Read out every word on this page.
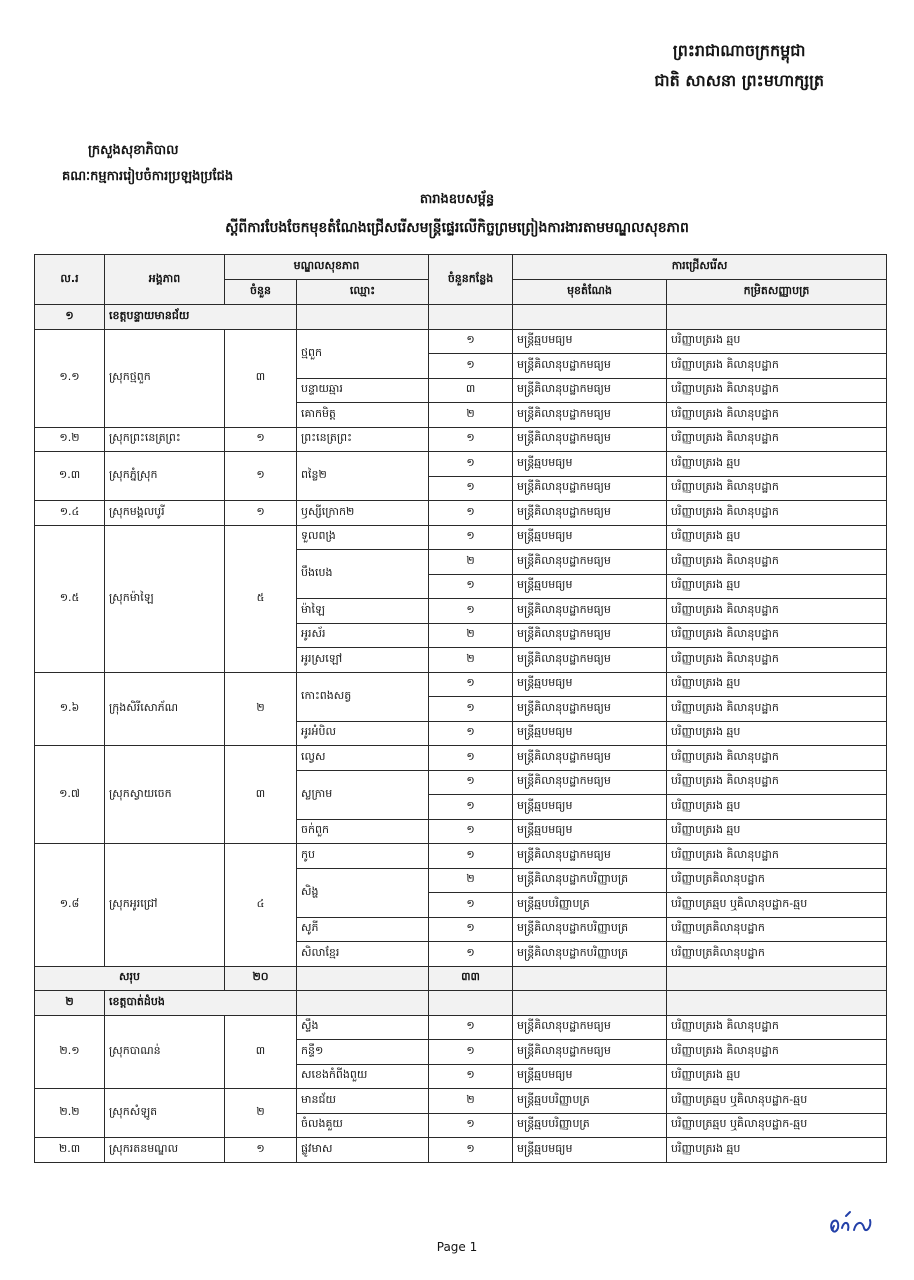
ព្រះរាជាណាចក្រកម្ពុជា
ជាតិ សាសនា ព្រះមហាក្សត្រ
ក្រសួងសុខាភិបាល
គណៈកម្មការរៀបចំការប្រឡងប្រជែង
តារាងឧបសម្ព័ន្ធ
ស្តីពីការបែងចែកមុខតំណែងជ្រើសរើសមន្ត្រីផ្ទេរលើកិច្ចព្រមព្រៀងការងារតាមមណ្ឌលសុខភាព
ល.រ	អង្គភាព	មណ្ឌលសុខភាព		ចំនួនកន្លែង	ការជ្រើសរើស	
		ចំនួន	ឈ្មោះ		មុខតំណែង	កម្រិតសញ្ញាបត្រ
១	ខេត្តបន្ទាយមានជ័យ					
១.១	ស្រុកថ្មពួក	៣	ថ្មពួក	១	មន្ត្រីឆ្មបមធ្យម	បរិញ្ញាបត្ររង ឆ្មប
				១	មន្ត្រីគិលានុបដ្ឋាកមធ្យម	បរិញ្ញាបត្ររង គិលានុបដ្ឋាក
			បន្ទាយឆ្មារ	៣	មន្ត្រីគិលានុបដ្ឋាកមធ្យម	បរិញ្ញាបត្ររង គិលានុបដ្ឋាក
			គោកមិត្ត	២	មន្ត្រីគិលានុបដ្ឋាកមធ្យម	បរិញ្ញាបត្ររង គិលានុបដ្ឋាក
១.២	ស្រុកព្រះនេត្រព្រះ	១	ព្រះនេត្រព្រះ	១	មន្ត្រីគិលានុបដ្ឋាកមធ្យម	បរិញ្ញាបត្ររង គិលានុបដ្ឋាក
១.៣	ស្រុកភ្នំស្រុក	១	ពន្លៃ២	១	មន្ត្រីឆ្មបមធ្យម	បរិញ្ញាបត្ររង ឆ្មប
				១	មន្ត្រីគិលានុបដ្ឋាកមធ្យម	បរិញ្ញាបត្ររង គិលានុបដ្ឋាក
១.៤	ស្រុកមង្គលបូរី	១	ឫស្សីក្រោក២	១	មន្ត្រីគិលានុបដ្ឋាកមធ្យម	បរិញ្ញាបត្ររង គិលានុបដ្ឋាក
១.៥	ស្រុកម៉ាឡៃ	៥	ទួលពង្រ	១	មន្ត្រីឆ្មបមធ្យម	បរិញ្ញាបត្ររង ឆ្មប
			បឹងបេង	២	មន្ត្រីគិលានុបដ្ឋាកមធ្យម	បរិញ្ញាបត្ររង គិលានុបដ្ឋាក
				១	មន្ត្រីឆ្មបមធ្យម	បរិញ្ញាបត្ររង ឆ្មប
			ម៉ាឡៃ	១	មន្ត្រីគិលានុបដ្ឋាកមធ្យម	បរិញ្ញាបត្ររង គិលានុបដ្ឋាក
			អូរស័រ	២	មន្ត្រីគិលានុបដ្ឋាកមធ្យម	បរិញ្ញាបត្ររង គិលានុបដ្ឋាក
			អូរស្រឡៅ	២	មន្ត្រីគិលានុបដ្ឋាកមធ្យម	បរិញ្ញាបត្ររង គិលានុបដ្ឋាក
១.៦	ក្រុងសិរីសោភ័ណ	២	កោះពងសត្វ	១	មន្ត្រីឆ្មបមធ្យម	បរិញ្ញាបត្ររង ឆ្មប
				១	មន្ត្រីគិលានុបដ្ឋាកមធ្យម	បរិញ្ញាបត្ររង គិលានុបដ្ឋាក
			អូរអំបិល	១	មន្ត្រីឆ្មបមធ្យម	បរិញ្ញាបត្ររង ឆ្មប
១.៧	ស្រុកស្វាយចេក	៣	ល្វេស	១	មន្ត្រីគិលានុបដ្ឋាកមធ្យម	បរិញ្ញាបត្ររង គិលានុបដ្ឋាក
			ស្លក្រាម	១	មន្ត្រីគិលានុបដ្ឋាកមធ្យម	បរិញ្ញាបត្ររង គិលានុបដ្ឋាក
				១	មន្ត្រីឆ្មបមធ្យម	បរិញ្ញាបត្ររង ឆ្មប
			ចក់ពួក	១	មន្ត្រីឆ្មបមធ្យម	បរិញ្ញាបត្ររង ឆ្មប
១.៨	ស្រុកអូរជ្រៅ	៤	កូប	១	មន្ត្រីគិលានុបដ្ឋាកមធ្យម	បរិញ្ញាបត្ររង គិលានុបដ្ឋាក
			សិង្ហ	២	មន្ត្រីគិលានុបដ្ឋាកបរិញ្ញាបត្រ	បរិញ្ញាបត្រគិលានុបដ្ឋាក
				១	មន្ត្រីឆ្មបបរិញ្ញាបត្រ	បរិញ្ញាបត្រឆ្មប ឬគិលានុបដ្ឋាក-ឆ្មប
			សូភី	១	មន្ត្រីគិលានុបដ្ឋាកបរិញ្ញាបត្រ	បរិញ្ញាបត្រគិលានុបដ្ឋាក
			សិលាខ្មែរ	១	មន្ត្រីគិលានុបដ្ឋាកបរិញ្ញាបត្រ	បរិញ្ញាបត្រគិលានុបដ្ឋាក
សរុប		២០		៣៣		
២	ខេត្តបាត់ដំបង					
២.១	ស្រុកបាណន់	៣	ស្ទឹង	១	មន្ត្រីគិលានុបដ្ឋាកមធ្យម	បរិញ្ញាបត្ររង គិលានុបដ្ឋាក
			កន្ទឺ១	១	មន្ត្រីគិលានុបដ្ឋាកមធ្យម	បរិញ្ញាបត្ររង គិលានុបដ្ឋាក
			សខេងកំពីងពួយ	១	មន្ត្រីឆ្មបមធ្យម	បរិញ្ញាបត្ររង ឆ្មប
២.២	ស្រុកសំឡូត	២	មានជ័យ	២	មន្ត្រីឆ្មបបរិញ្ញាបត្រ	បរិញ្ញាបត្រឆ្មប ឬគិលានុបដ្ឋាក-ឆ្មប
			ចំលងគួយ	១	មន្ត្រីឆ្មបបរិញ្ញាបត្រ	បរិញ្ញាបត្រឆ្មប ឬគិលានុបដ្ឋាក-ឆ្មប
២.៣	ស្រុករតនមណ្ឌល	១	ផ្លូវមាស	១	មន្ត្រីឆ្មបមធ្យម	បរិញ្ញាបត្ររង ឆ្មប
Page 1
